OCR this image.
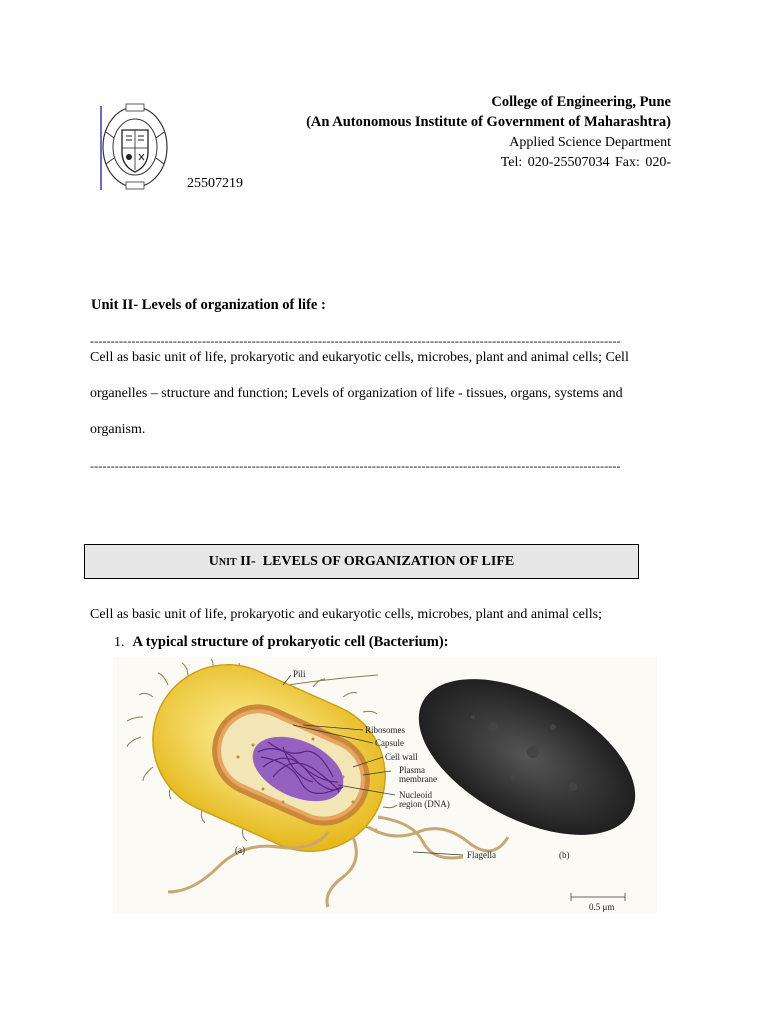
College of Engineering, Pune
(An Autonomous Institute of Government of Maharashtra)
Applied Science Department
Tel: 020-25507034 Fax: 020-
25507219
Unit II- Levels of organization of life :
--------------------------------------------------------------------------------------------------------------------------------
Cell as basic unit of life, prokaryotic and eukaryotic cells, microbes, plant and animal cells; Cell
organelles – structure and function; Levels of organization of life - tissues, organs, systems and
organism.
--------------------------------------------------------------------------------------------------------------------------------
Unit II-  LEVELS OF ORGANIZATION OF LIFE
Cell as basic unit of life, prokaryotic and eukaryotic cells, microbes, plant and animal cells;
1. A typical structure of prokaryotic cell (Bacterium):
Pili
Ribosomes
Capsule
Cell wall
Plasma
membrane
Nucleoid
region (DNA)
(a)	Flagella	(b)
0.5 μm
